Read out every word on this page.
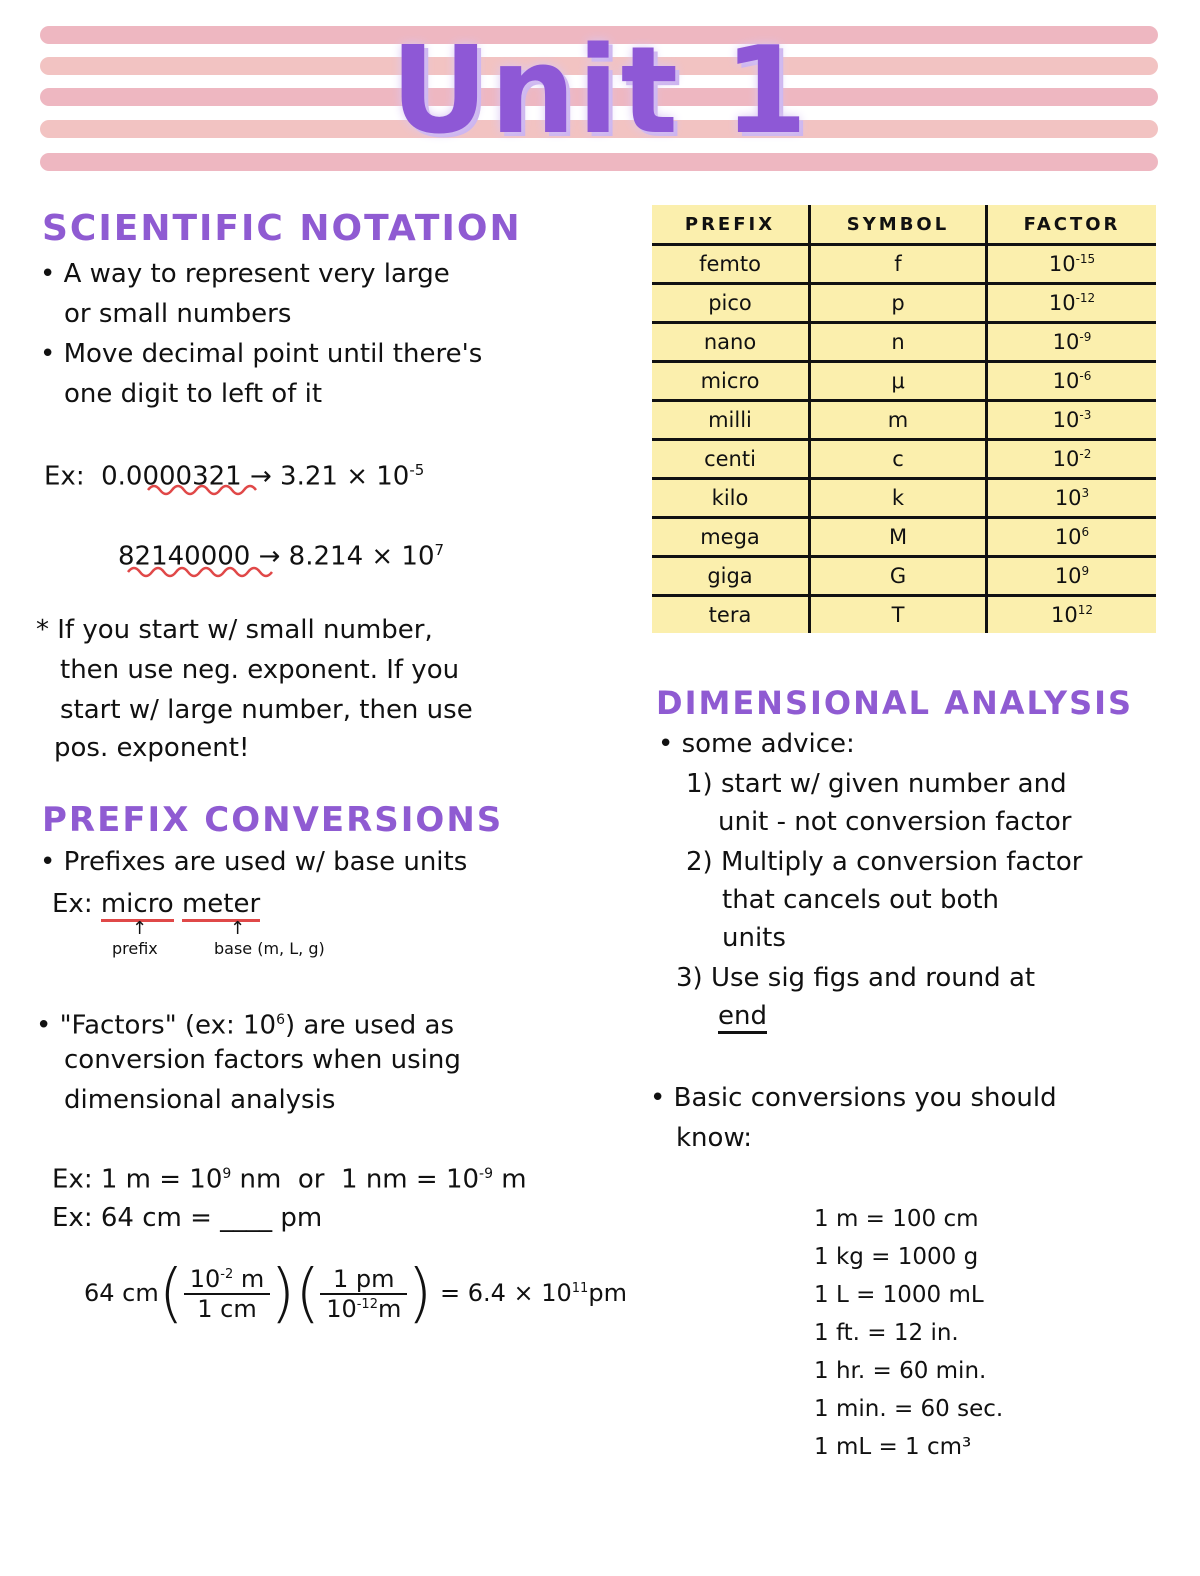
Unit 1
SCIENTIFIC NOTATION
• A way to represent very large
or small numbers
• Move decimal point until there's
one digit to left of it
Ex: $0.0000321 \to 3.21 \times 10^{-5}$
$82140000 \to 8.214 \times 10^7$
* If you start w/ small number,
then use neg. exponent. If you
start w/ large number, then use
pos. exponent!
PREFIX CONVERSIONS
• Prefixes are used w/ base units
Ex: micro meter
↑	↑
prefix	base (m, L, g)
• "Factors" (ex: $10^6$) are used as
conversion factors when using
dimensional analysis
Ex: 1 $m = 10^9$ nm  or  1 nm = $10^{-9}$ m
Ex: 64 cm = ____ pm
64 $cm( \frac{10^{-2} m}{1 cm}$ )( $\frac{1 pm}{10^{-12}m}$ ) = $6.4 \times 10^{11}pm$
PREFIX	SYMBOL	FACTOR
femto	f	$10^{-15}$
pico	p	$10^{-12}$
nano	n	$10^{-9}$
micro	μ	$10^{-6}$
milli	m	$10^{-3}$
centi	c	$10^{-2}$
kilo	k	$10^3$
mega	M	$10^6$
giga	G	$10^9$
tera	T	$10^{12}$
DIMENSIONAL ANALYSIS
• some advice:
1) start w/ given number and
unit - not conversion factor
2) Multiply a conversion factor
that cancels out both
units
3) Use sig figs and round at
end
• Basic conversions you should
know:
1 m = 100 cm
1 kg = 1000 g
1 L = 1000 mL
1 ft. = 12 in.
1 hr. = 60 min.
1 min. = 60 sec.
1 mL = 1 cm³
